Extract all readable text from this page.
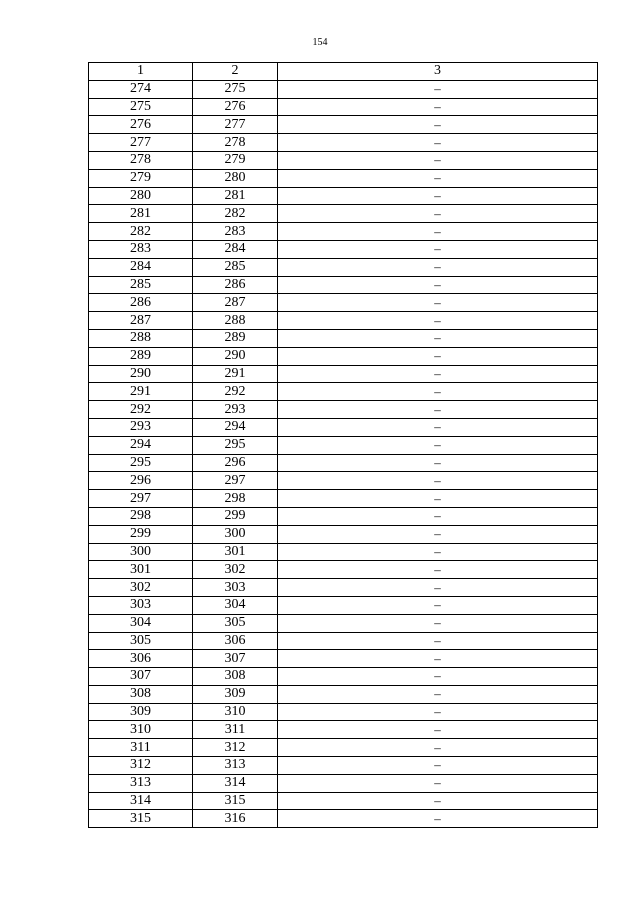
154
1	2	3
274	275	–
275	276	–
276	277	–
277	278	–
278	279	–
279	280	–
280	281	–
281	282	–
282	283	–
283	284	–
284	285	–
285	286	–
286	287	–
287	288	–
288	289	–
289	290	–
290	291	–
291	292	–
292	293	–
293	294	–
294	295	–
295	296	–
296	297	–
297	298	–
298	299	–
299	300	–
300	301	–
301	302	–
302	303	–
303	304	–
304	305	–
305	306	–
306	307	–
307	308	–
308	309	–
309	310	–
310	311	–
311	312	–
312	313	–
313	314	–
314	315	–
315	316	–
